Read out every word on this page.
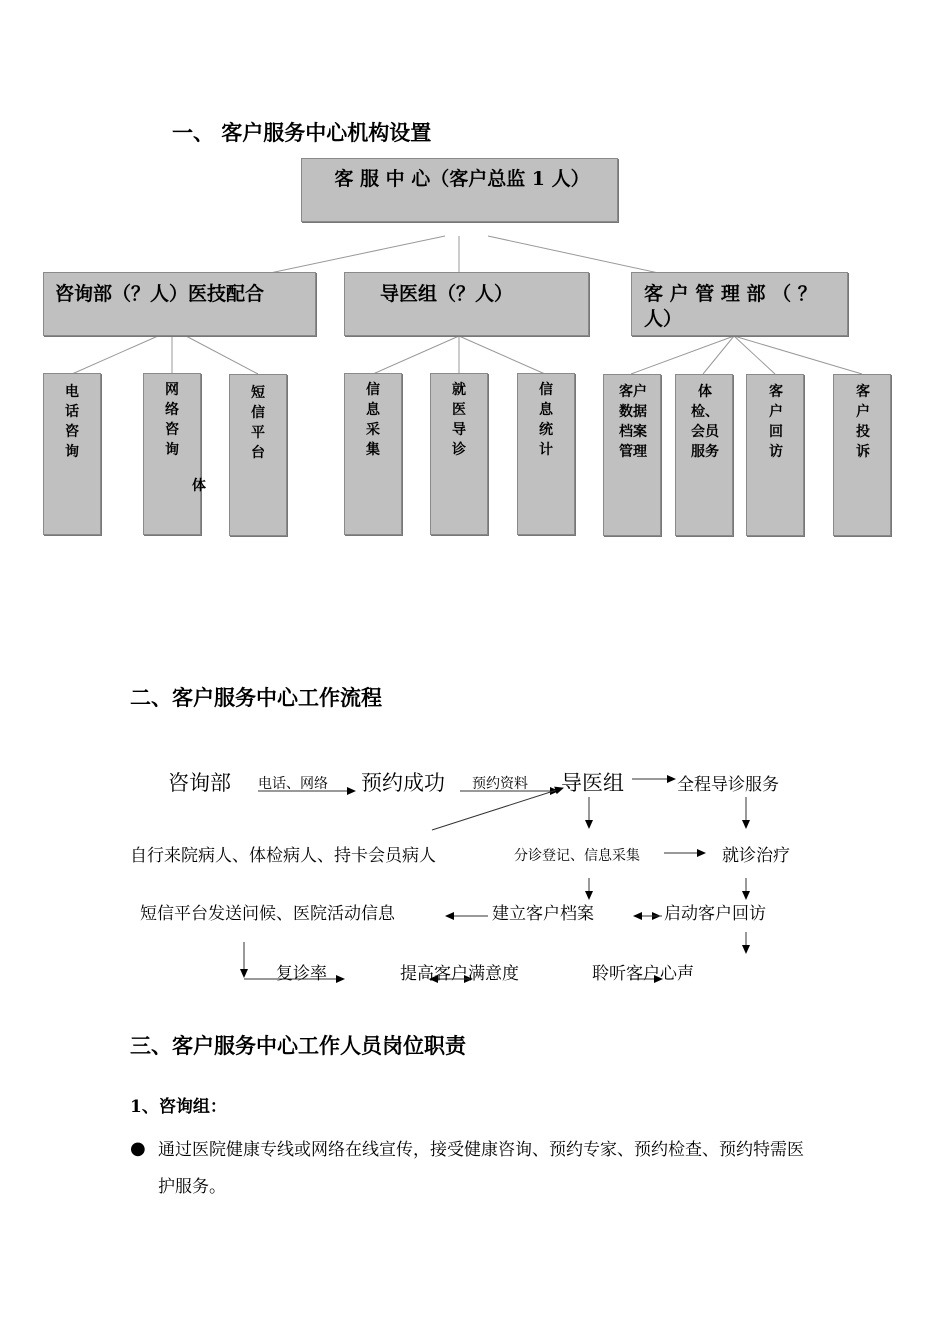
一、 客户服务中心机构设置
客 服 中 心（客户总监 1 人）
咨询部（？人）医技配合	导医组（？人）	客 户 管 理 部 （ ？ 人）
电话咨询
网络咨询
短信平台
体
信息采集
就医导诊
信息统计
客户数据档案管理
体检、会员服务
客户回访
客户投诉
二、客户服务中心工作流程
咨询部 电话、网络 预约成功 预约资料 导医组	全程导诊服务
自行来院病人、体检病人、持卡会员病人	分诊登记、信息采集	就诊治疗
短信平台发送问候、医院活动信息	建立客户档案	启动客户回访
复诊率	提高客户满意度	聆听客户心声
三、客户服务中心工作人员岗位职责
1、咨询组：
● 通过医院健康专线或网络在线宣传，接受健康咨询、预约专家、预约检查、预约特需医护服务。
